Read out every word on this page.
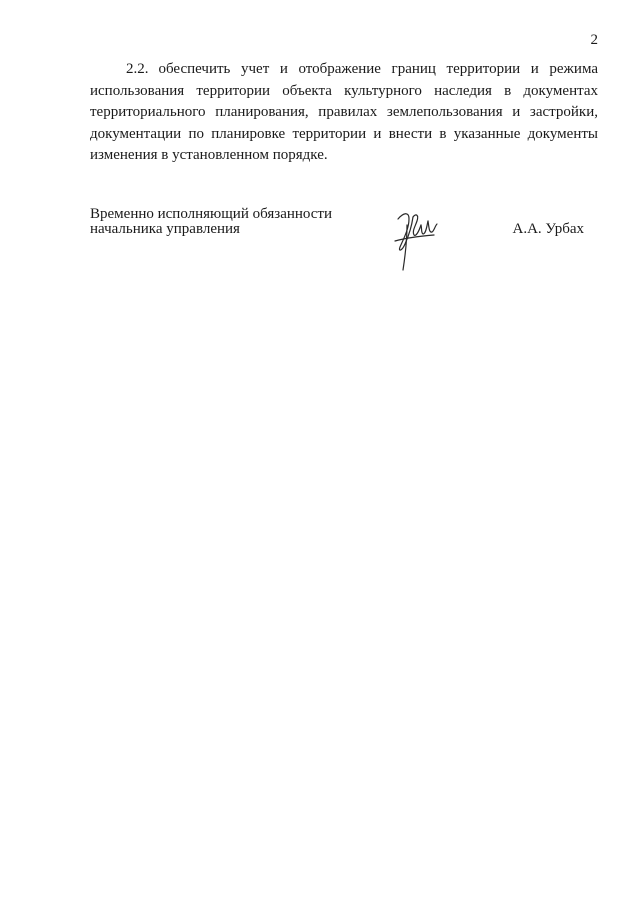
2

2.2. обеспечить учет и отображение границ территории и режима использования территории объекта культурного наследия в документах территориального планирования, правилах землепользования и застройки, документации по планировке территории и внести в указанные документы изменения в установленном порядке.

Временно исполняющий обязанности
начальника управления	А.А. Урбах
